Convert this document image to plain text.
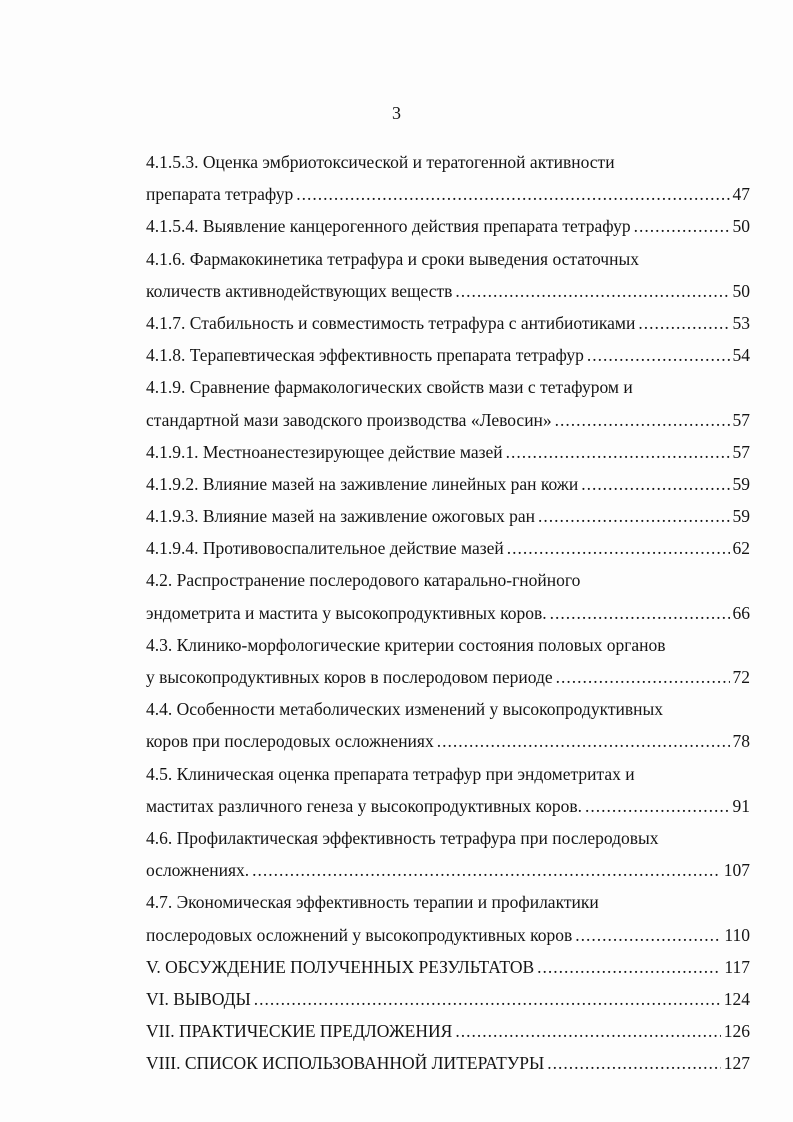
3
4.1.5.3. Оценка эмбриотоксической и тератогенной активности
препарата тетрафур .....	47
4.1.5.4. Выявление канцерогенного действия препарата тетрафур .....	50
4.1.6. Фармакокинетика тетрафура и сроки выведения остаточных
количеств активнодействующих веществ .....	50
4.1.7. Стабильность и совместимость тетрафура с антибиотиками .....	53
4.1.8. Терапевтическая эффективность препарата тетрафур .....	54
4.1.9. Сравнение фармакологических свойств мази с тетафуром и
стандартной мази заводского производства «Левосин» .....	57
4.1.9.1. Местноанестезирующее действие мазей .....	57
4.1.9.2. Влияние мазей на заживление линейных ран кожи .....	59
4.1.9.3. Влияние мазей на заживление ожоговых ран .....	59
4.1.9.4. Противовоспалительное действие мазей .....	62
4.2. Распространение послеродового катарально-гнойного
эндометрита и мастита у высокопродуктивных коров. .....	66
4.3. Клинико-морфологические критерии состояния половых органов
у высокопродуктивных коров в послеродовом периоде .....	72
4.4. Особенности метаболических изменений у высокопродуктивных
коров при послеродовых осложнениях .....	78
4.5. Клиническая оценка препарата тетрафур при эндометритах и
маститах различного генеза у высокопродуктивных коров. .....	91
4.6. Профилактическая эффективность тетрафура при послеродовых
осложнениях. .....	107
4.7. Экономическая эффективность терапии и профилактики
послеродовых осложнений у высокопродуктивных коров .....	110
V. ОБСУЖДЕНИЕ ПОЛУЧЕННЫХ РЕЗУЛЬТАТОВ .....	117
VI. ВЫВОДЫ .....	124
VII. ПРАКТИЧЕСКИЕ ПРЕДЛОЖЕНИЯ .....	126
VIII. СПИСОК ИСПОЛЬЗОВАННОЙ ЛИТЕРАТУРЫ .....	127
